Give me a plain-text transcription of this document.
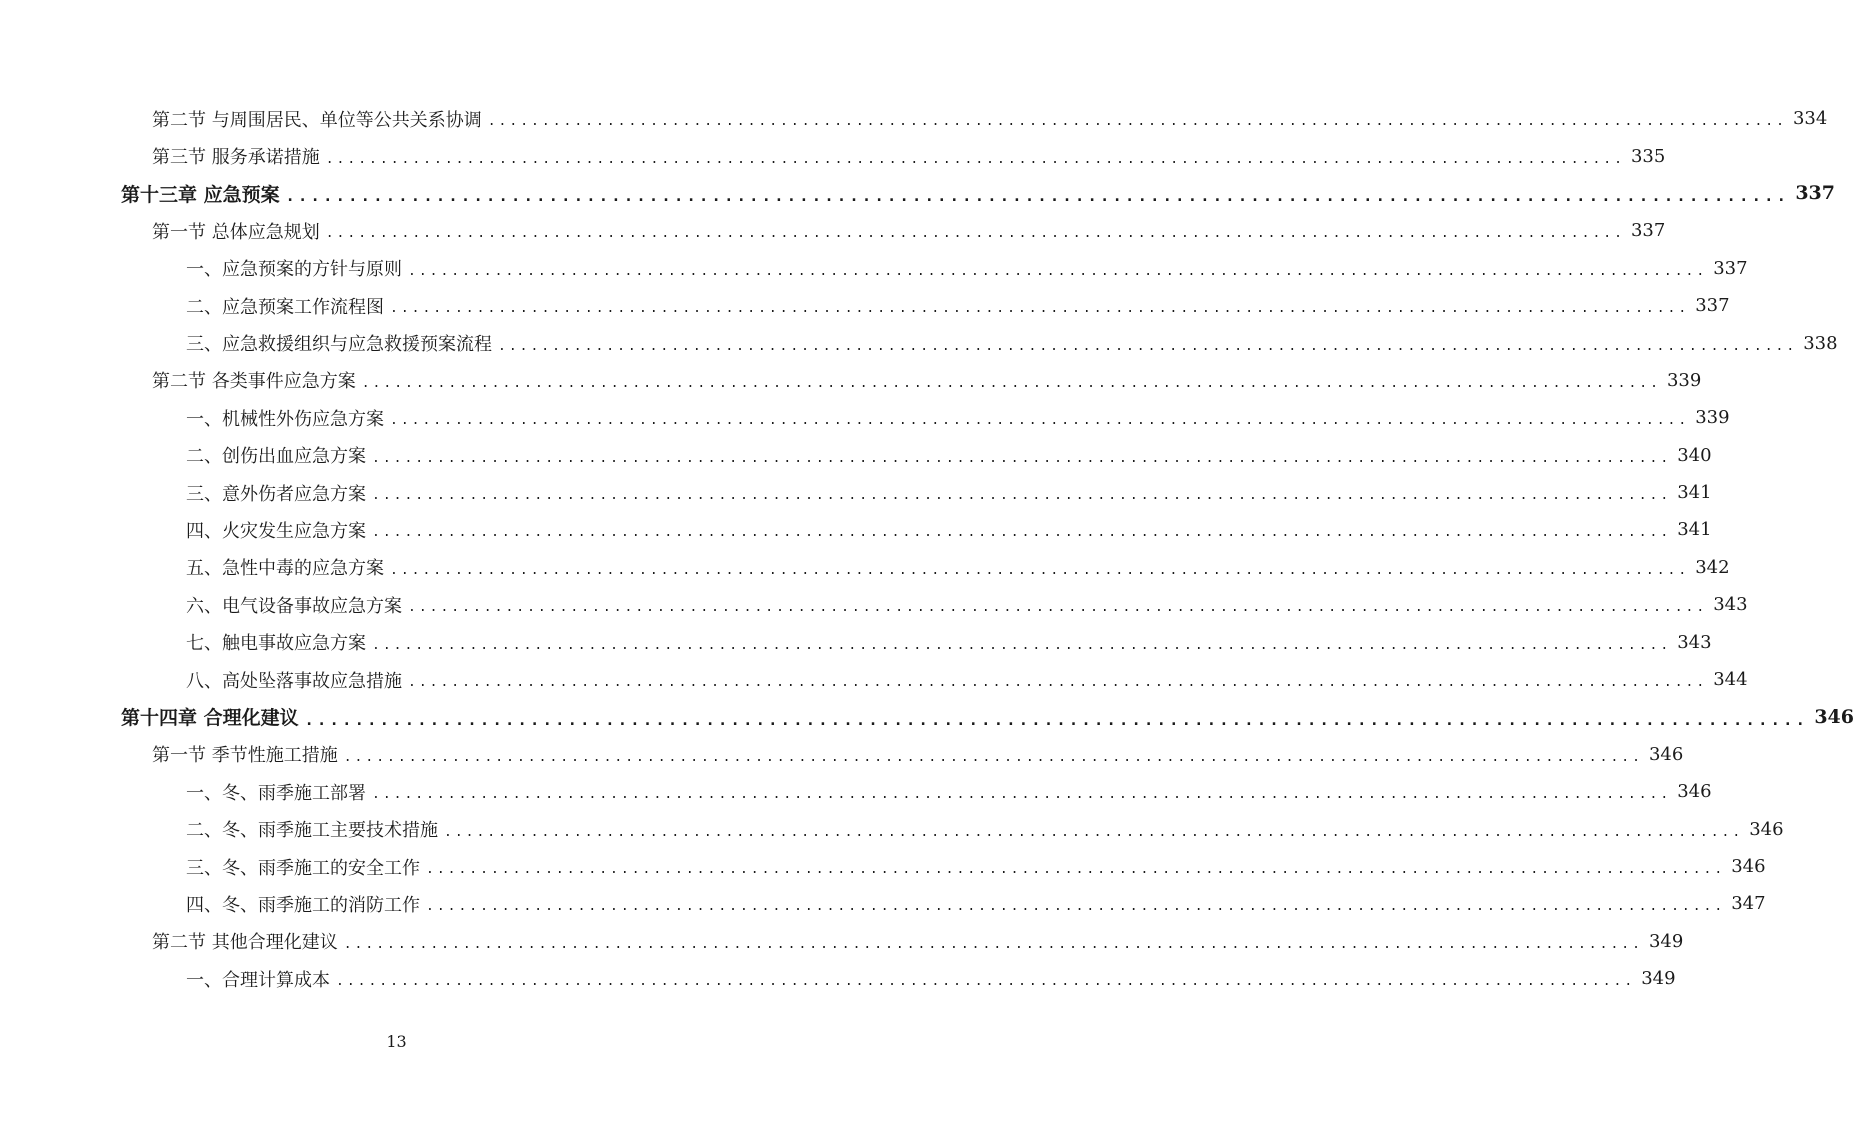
第二节 与周围居民、单位等公共关系协调 ........................................................................................................................ 334
第三节 服务承诺措施 ........................................................................................................................ 335
第十三章 应急预案 ........................................................................................................................ 337
第一节 总体应急规划 ........................................................................................................................ 337
一、应急预案的方针与原则 ........................................................................................................................ 337
二、应急预案工作流程图 ........................................................................................................................ 337
三、应急救援组织与应急救援预案流程 ........................................................................................................................ 338
第二节 各类事件应急方案 ........................................................................................................................ 339
一、机械性外伤应急方案 ........................................................................................................................ 339
二、创伤出血应急方案 ........................................................................................................................ 340
三、意外伤者应急方案 ........................................................................................................................ 341
四、火灾发生应急方案 ........................................................................................................................ 341
五、急性中毒的应急方案 ........................................................................................................................ 342
六、电气设备事故应急方案 ........................................................................................................................ 343
七、触电事故应急方案 ........................................................................................................................ 343
八、高处坠落事故应急措施 ........................................................................................................................ 344
第十四章 合理化建议 ........................................................................................................................ 346
第一节 季节性施工措施 ........................................................................................................................ 346
一、冬、雨季施工部署 ........................................................................................................................ 346
二、冬、雨季施工主要技术措施 ........................................................................................................................ 346
三、冬、雨季施工的安全工作 ........................................................................................................................ 346
四、冬、雨季施工的消防工作 ........................................................................................................................ 347
第二节 其他合理化建议 ........................................................................................................................ 349
一、合理计算成本 ........................................................................................................................ 349
13
